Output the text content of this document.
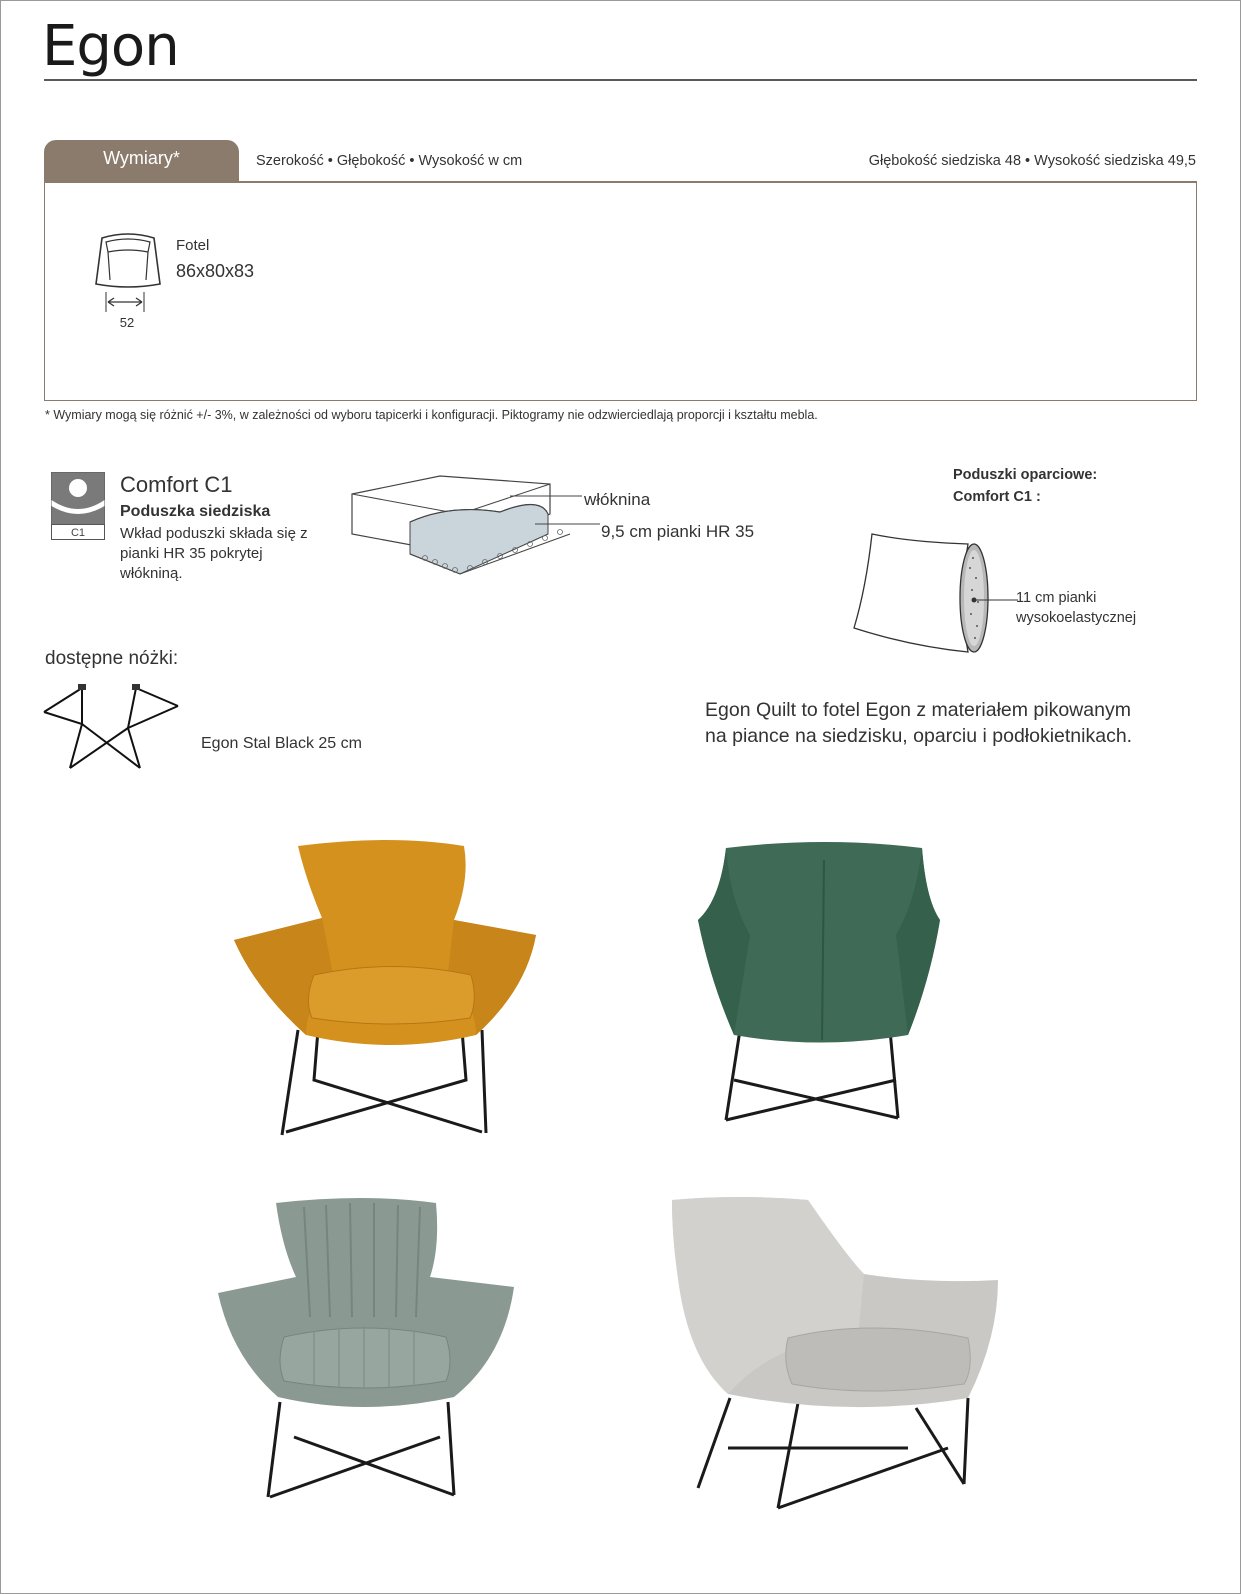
Egon
Wymiary*	Szerokość • Głębokość • Wysokość w cm	Głębokość siedziska 48 • Wysokość siedziska 49,5
52
Fotel
86x80x83
* Wymiary mogą się różnić +/- 3%, w zależności od wyboru tapicerki i konfiguracji. Piktogramy nie odzwierciedlają proporcji i kształtu mebla.
C1
Comfort C1
Poduszka siedziska
Wkład poduszki składa się z pianki HR 35 pokrytej włókniną.
włóknina
9,5 cm pianki HR 35
Poduszki oparciowe:
Comfort C1 :
11 cm pianki
wysokoelastycznej
dostępne nóżki:
Egon Stal Black 25 cm
Egon Quilt to fotel Egon z materiałem pikowanym
na piance na siedzisku, oparciu i podłokietnikach.
